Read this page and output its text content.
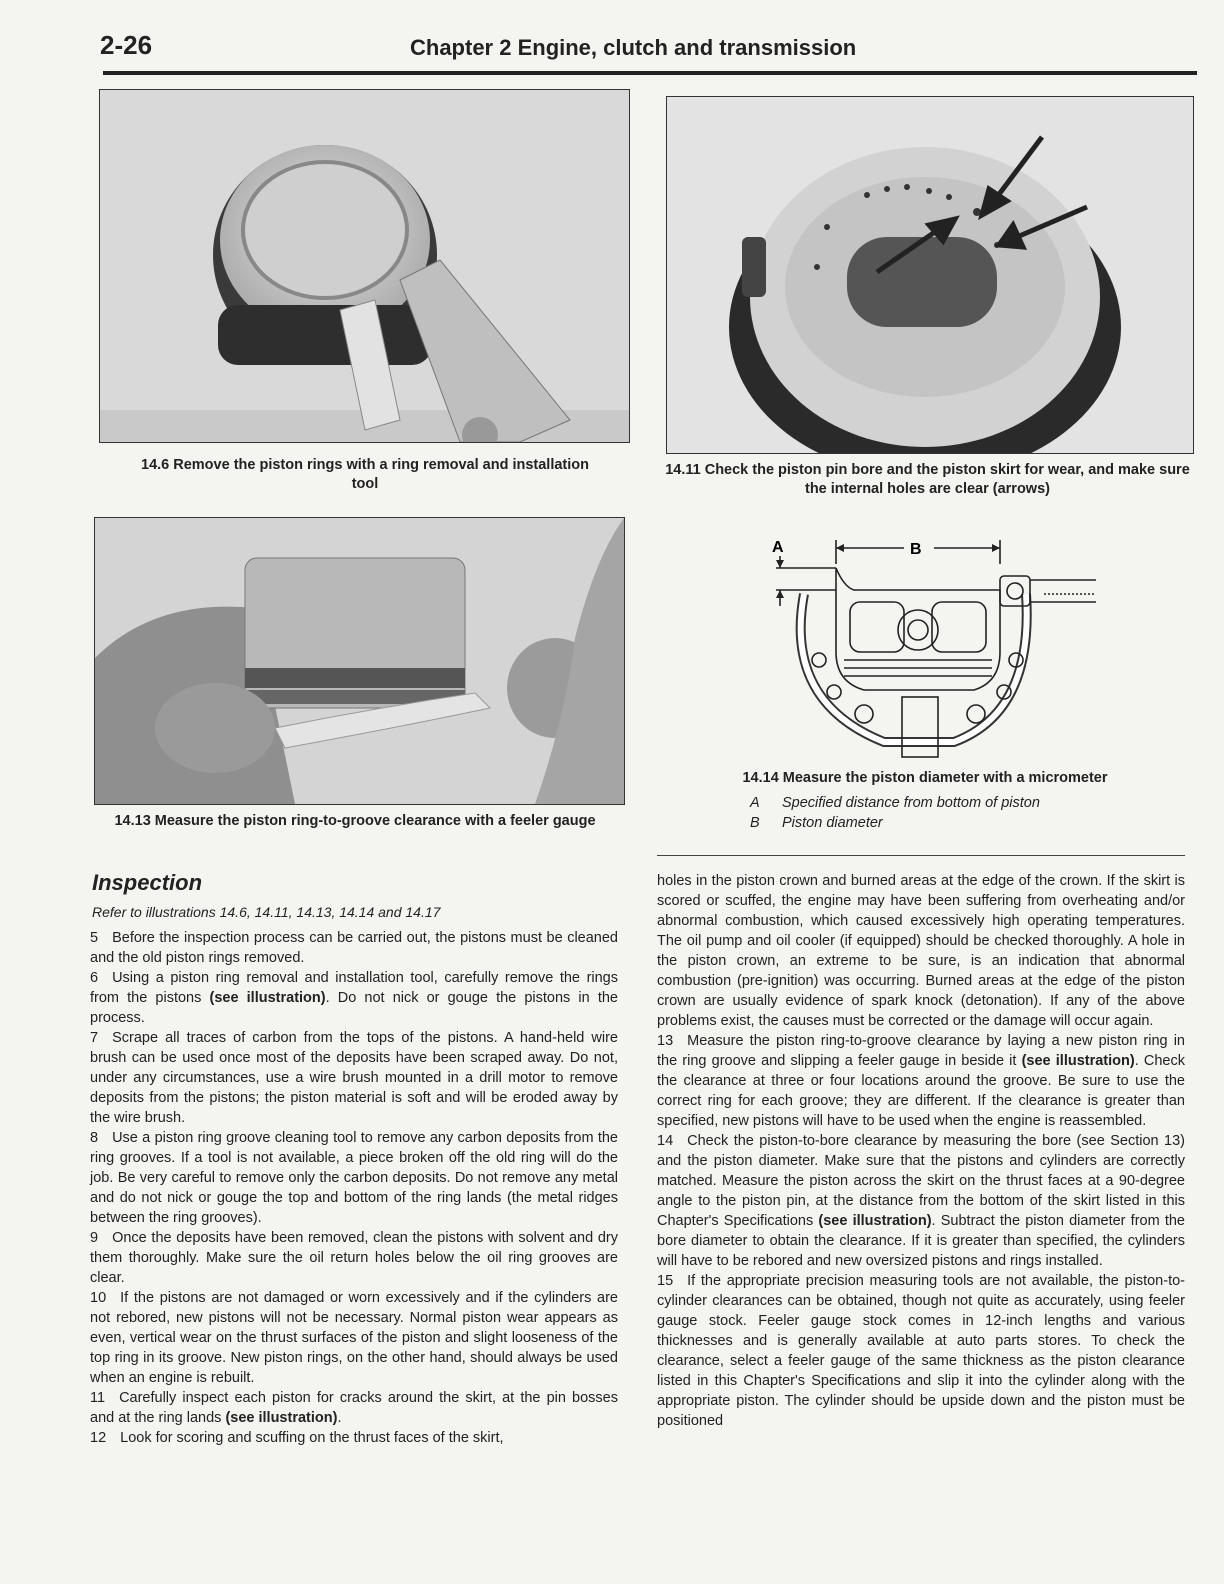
2-26	Chapter 2 Engine, clutch and transmission
14.6 Remove the piston rings with a ring removal and installation tool
14.11 Check the piston pin bore and the piston skirt for wear, and make sure the internal holes are clear (arrows)
14.13 Measure the piston ring-to-groove clearance with a feeler gauge
A	B
14.14 Measure the piston diameter with a micrometer
A Specified distance from bottom of piston
B Piston diameter
Inspection
Refer to illustrations 14.6, 14.11, 14.13, 14.14 and 14.17

5 Before the inspection process can be carried out, the pistons must be cleaned and the old piston rings removed.

6 Using a piston ring removal and installation tool, carefully remove the rings from the pistons (see illustration). Do not nick or gouge the pistons in the process.

7 Scrape all traces of carbon from the tops of the pistons. A hand-held wire brush can be used once most of the deposits have been scraped away. Do not, under any circumstances, use a wire brush mounted in a drill motor to remove deposits from the pistons; the piston material is soft and will be eroded away by the wire brush.

8 Use a piston ring groove cleaning tool to remove any carbon deposits from the ring grooves. If a tool is not available, a piece broken off the old ring will do the job. Be very careful to remove only the carbon deposits. Do not remove any metal and do not nick or gouge the top and bottom of the ring lands (the metal ridges between the ring grooves).

9 Once the deposits have been removed, clean the pistons with solvent and dry them thoroughly. Make sure the oil return holes below the oil ring grooves are clear.

10 If the pistons are not damaged or worn excessively and if the cylinders are not rebored, new pistons will not be necessary. Normal piston wear appears as even, vertical wear on the thrust surfaces of the piston and slight looseness of the top ring in its groove. New piston rings, on the other hand, should always be used when an engine is rebuilt.

11 Carefully inspect each piston for cracks around the skirt, at the pin bosses and at the ring lands (see illustration).

12 Look for scoring and scuffing on the thrust faces of the skirt,

holes in the piston crown and burned areas at the edge of the crown. If the skirt is scored or scuffed, the engine may have been suffering from overheating and/or abnormal combustion, which caused excessively high operating temperatures. The oil pump and oil cooler (if equipped) should be checked thoroughly. A hole in the piston crown, an extreme to be sure, is an indication that abnormal combustion (pre-ignition) was occurring. Burned areas at the edge of the piston crown are usually evidence of spark knock (detonation). If any of the above problems exist, the causes must be corrected or the damage will occur again.

13 Measure the piston ring-to-groove clearance by laying a new piston ring in the ring groove and slipping a feeler gauge in beside it (see illustration). Check the clearance at three or four locations around the groove. Be sure to use the correct ring for each groove; they are different. If the clearance is greater than specified, new pistons will have to be used when the engine is reassembled.

14 Check the piston-to-bore clearance by measuring the bore (see Section 13) and the piston diameter. Make sure that the pistons and cylinders are correctly matched. Measure the piston across the skirt on the thrust faces at a 90-degree angle to the piston pin, at the distance from the bottom of the skirt listed in this Chapter's Specifications (see illustration). Subtract the piston diameter from the bore diameter to obtain the clearance. If it is greater than specified, the cylinders will have to be rebored and new oversized pistons and rings installed.

15 If the appropriate precision measuring tools are not available, the piston-to-cylinder clearances can be obtained, though not quite as accurately, using feeler gauge stock. Feeler gauge stock comes in 12-inch lengths and various thicknesses and is generally available at auto parts stores. To check the clearance, select a feeler gauge of the same thickness as the piston clearance listed in this Chapter's Specifications and slip it into the cylinder along with the appropriate piston. The cylinder should be upside down and the piston must be positioned
